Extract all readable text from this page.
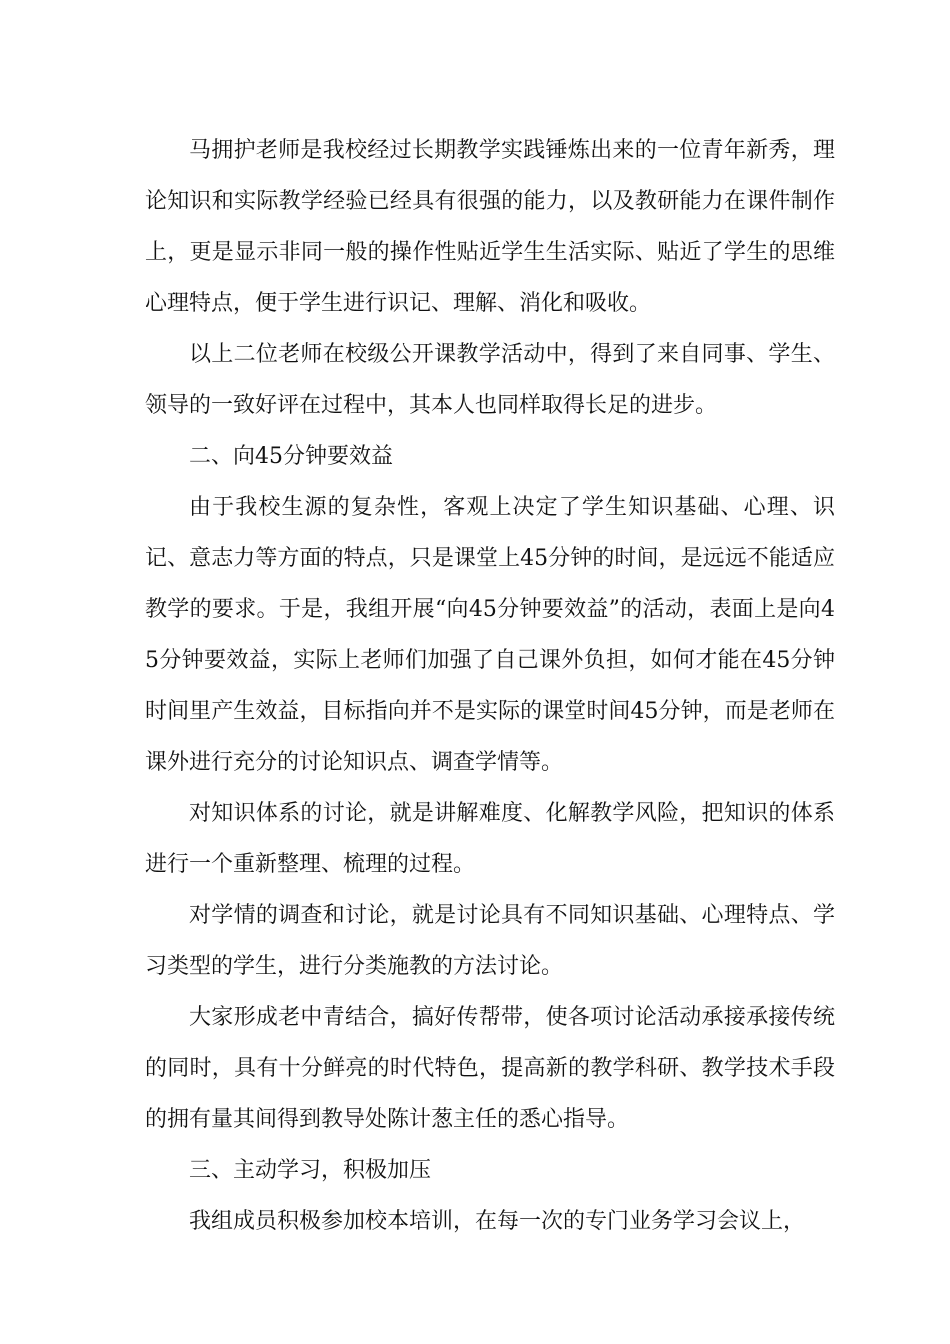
马拥护老师是我校经过长期教学实践锤炼出来的一位青年新秀，理论知识和实际教学经验已经具有很强的能力，以及教研能力在课件制作上，更是显示非同一般的操作性贴近学生生活实际、贴近了学生的思维心理特点，便于学生进行识记、理解、消化和吸收。

以上二位老师在校级公开课教学活动中，得到了来自同事、学生、领导的一致好评在过程中，其本人也同样取得长足的进步。

二、向45分钟要效益

由于我校生源的复杂性，客观上决定了学生知识基础、心理、识记、意志力等方面的特点，只是课堂上45分钟的时间，是远远不能适应教学的要求。于是，我组开展“向45分钟要效益”的活动，表面上是向45分钟要效益，实际上老师们加强了自己课外负担，如何才能在45分钟时间里产生效益，目标指向并不是实际的课堂时间45分钟，而是老师在课外进行充分的讨论知识点、调查学情等。

对知识体系的讨论，就是讲解难度、化解教学风险，把知识的体系进行一个重新整理、梳理的过程。

对学情的调查和讨论，就是讨论具有不同知识基础、心理特点、学习类型的学生，进行分类施教的方法讨论。

大家形成老中青结合，搞好传帮带，使各项讨论活动承接承接传统的同时，具有十分鲜亮的时代特色，提高新的教学科研、教学技术手段的拥有量其间得到教导处陈计葱主任的悉心指导。

三、主动学习，积极加压

我组成员积极参加校本培训，在每一次的专门业务学习会议上，
